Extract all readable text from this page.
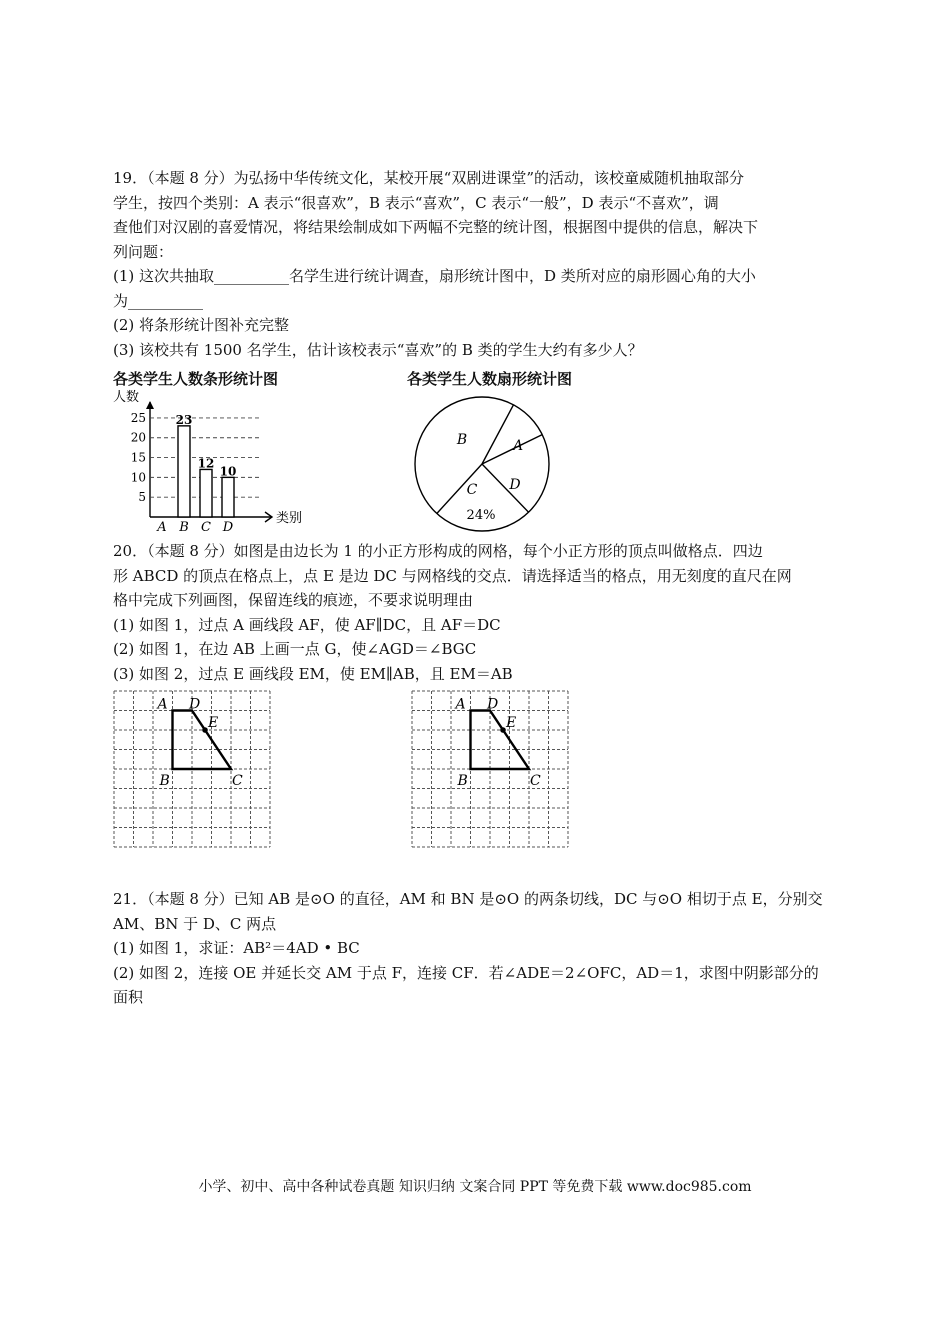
19．（本题 8 分）为弘扬中华传统文化，某校开展“双剧进课堂”的活动，该校童威随机抽取部分
学生，按四个类别：A 表示“很喜欢”，B 表示“喜欢”，C 表示“一般”，D 表示“不喜欢”，调
查他们对汉剧的喜爱情况，将结果绘制成如下两幅不完整的统计图，根据图中提供的信息，解决下
列问题：
(1) 这次共抽取__________名学生进行统计调查，扇形统计图中，D 类所对应的扇形圆心角的大小
为__________
(2) 将条形统计图补充完整
(3) 该校共有 1500 名学生，估计该校表示“喜欢”的 B 类的学生大约有多少人？
各类学生人数条形统计图	各类学生人数扇形统计图
人数
类别
5
10
15
20
25
A B
23
C
12
D
10
A
B
C
24%
D
20．（本题 8 分）如图是由边长为 1 的小正方形构成的网格，每个小正方形的顶点叫做格点．四边
形 ABCD 的顶点在格点上，点 E 是边 DC 与网格线的交点．请选择适当的格点，用无刻度的直尺在网
格中完成下列画图，保留连线的痕迹，不要求说明理由
(1) 如图 1，过点 A 画线段 AF，使 AF∥DC，且 AF＝DC
(2) 如图 1，在边 AB 上画一点 G，使∠AGD＝∠BGC
(3) 如图 2，过点 E 画线段 EM，使 EM∥AB，且 EM＝AB
A D
E
B	C
A D
E
B	C
21．（本题 8 分）已知 AB 是⊙O 的直径，AM 和 BN 是⊙O 的两条切线，DC 与⊙O 相切于点 E，分别交
AM、BN 于 D、C 两点
(1) 如图 1，求证：AB²＝4AD • BC
(2) 如图 2，连接 OE 并延长交 AM 于点 F，连接 CF．若∠ADE＝2∠OFC，AD＝1，求图中阴影部分的
面积
小学、初中、高中各种试卷真题 知识归纳 文案合同 PPT 等免费下载 www.doc985.com
